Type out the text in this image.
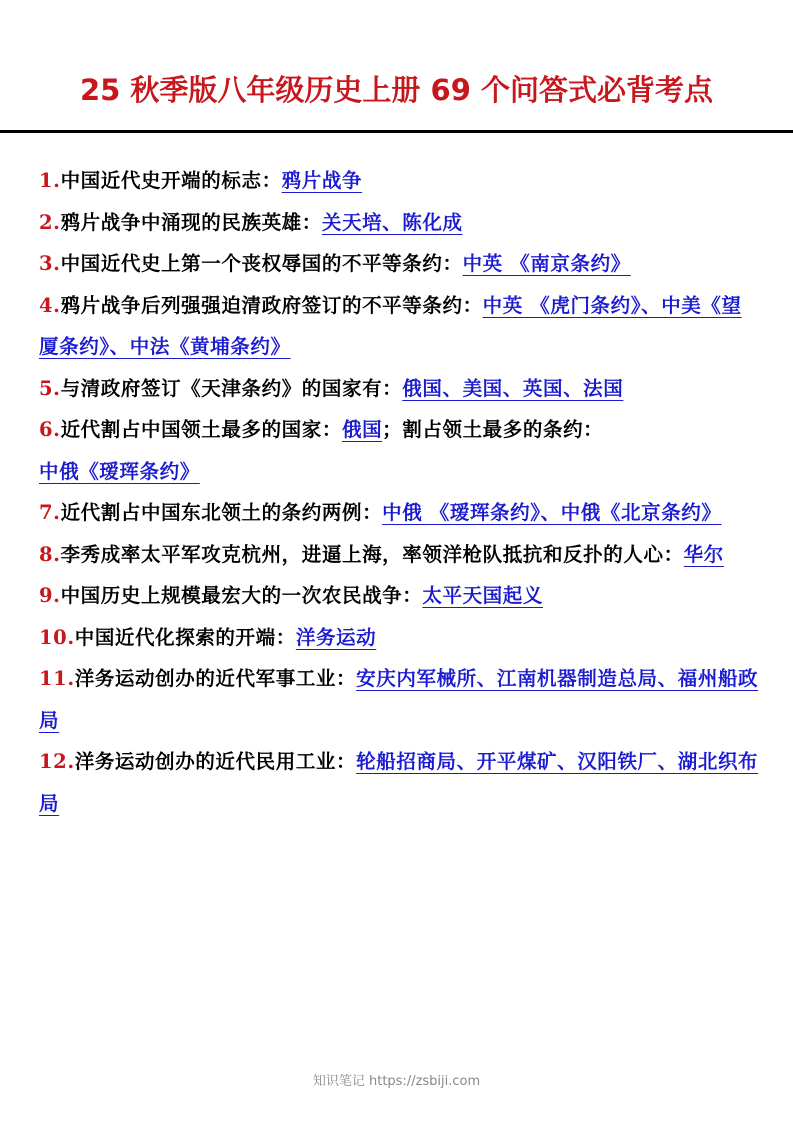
25 秋季版八年级历史上册 69 个问答式必背考点

1.中国近代史开端的标志：鸦片战争

2.鸦片战争中涌现的民族英雄：关天培、陈化成

3.中国近代史上第一个丧权辱国的不平等条约：中英 《南京条约》

4.鸦片战争后列强强迫清政府签订的不平等条约：中英 《虎门条约》、中美《望厦条约》、中法《黄埔条约》

5.与清政府签订《天津条约》的国家有：俄国、美国、英国、法国

6.近代割占中国领土最多的国家：俄国；割占领土最多的条约：中俄《瑷珲条约》

7.近代割占中国东北领土的条约两例：中俄 《瑷珲条约》、中俄《北京条约》

8.李秀成率太平军攻克杭州，进逼上海，率领洋枪队抵抗和反扑的人心：华尔

9.中国历史上规模最宏大的一次农民战争：太平天国起义

10.中国近代化探索的开端：洋务运动

11.洋务运动创办的近代军事工业：安庆内军械所、江南机器制造总局、福州船政局

12.洋务运动创办的近代民用工业：轮船招商局、开平煤矿、汉阳铁厂、湖北织布局

知识笔记 https://zsbiji.com
